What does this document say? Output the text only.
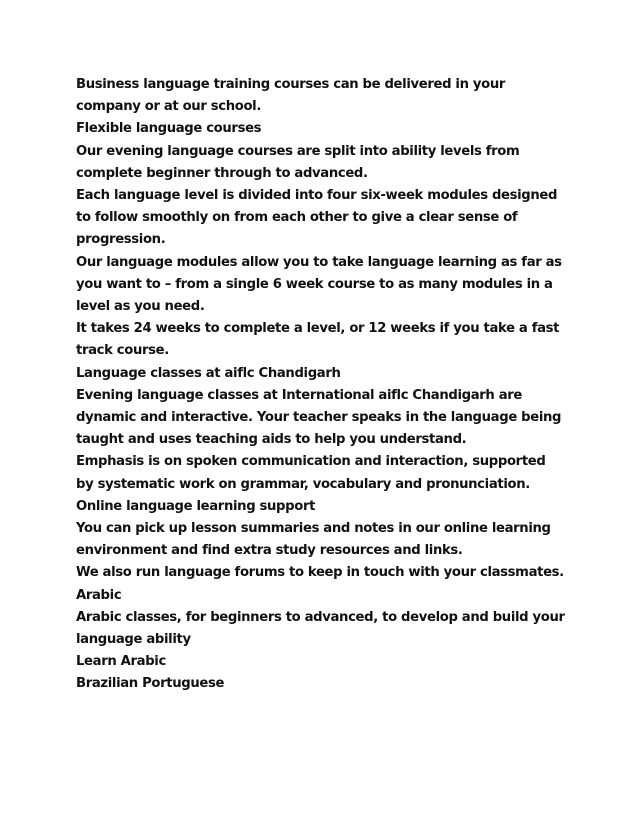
Business language training courses can be delivered in your company or at our school.

Flexible language courses

Our evening language courses are split into ability levels from complete beginner through to advanced.

Each language level is divided into four six-week modules designed to follow smoothly on from each other to give a clear sense of progression.

Our language modules allow you to take language learning as far as you want to – from a single 6 week course to as many modules in a level as you need.

It takes 24 weeks to complete a level, or 12 weeks if you take a fast track course.

Language classes at aiflc Chandigarh

Evening language classes at International aiflc Chandigarh are dynamic and interactive. Your teacher speaks in the language being taught and uses teaching aids to help you understand.

Emphasis is on spoken communication and interaction, supported by systematic work on grammar, vocabulary and pronunciation.

Online language learning support

You can pick up lesson summaries and notes in our online learning environment and find extra study resources and links.

We also run language forums to keep in touch with your classmates.

Arabic

Arabic classes, for beginners to advanced, to develop and build your language ability

Learn Arabic

Brazilian Portuguese
